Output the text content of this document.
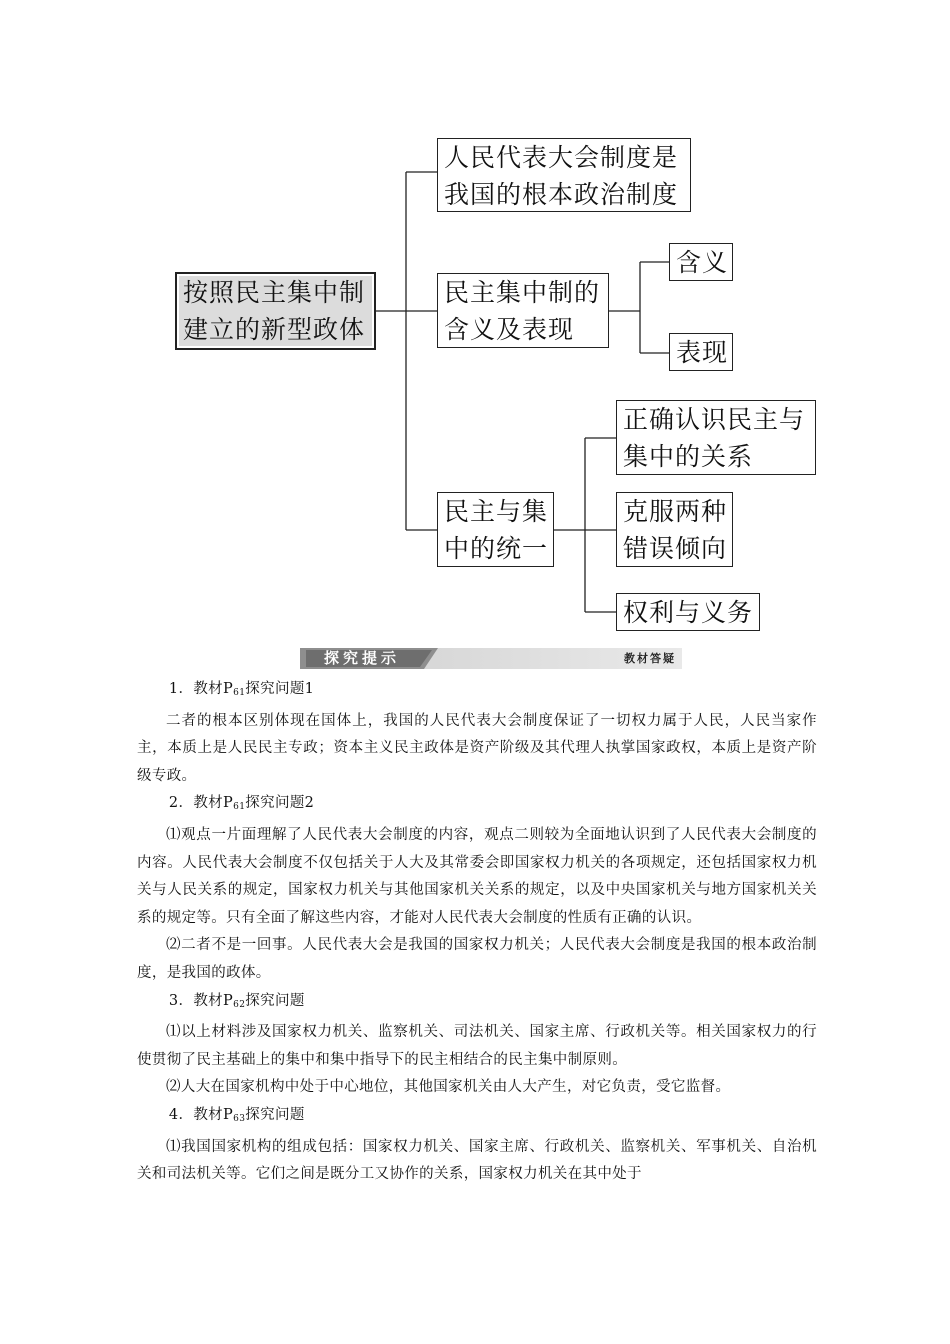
按照民主集中制
建立的新型政体
人民代表大会制度是
我国的根本政治制度
民主集中制的
含义及表现
含义
表现
民主与集
中的统一
正确认识民主与
集中的关系
克服两种
错误倾向
权利与义务
探究提示	教材答疑

1．教材$P_{61}$探究问题1

二者的根本区别体现在国体上，我国的人民代表大会制度保证了一切权力属于人民，人民当家作主，本质上是人民民主专政；资本主义民主政体是资产阶级及其代理人执掌国家政权，本质上是资产阶级专政。

2．教材$P_{61}$探究问题2

⑴观点一片面理解了人民代表大会制度的内容，观点二则较为全面地认识到了人民代表大会制度的内容。人民代表大会制度不仅包括关于人大及其常委会即国家权力机关的各项规定，还包括国家权力机关与人民关系的规定，国家权力机关与其他国家机关关系的规定，以及中央国家机关与地方国家机关关系的规定等。只有全面了解这些内容，才能对人民代表大会制度的性质有正确的认识。

⑵二者不是一回事。人民代表大会是我国的国家权力机关；人民代表大会制度是我国的根本政治制度，是我国的政体。

3．教材$P_{62}$探究问题

⑴以上材料涉及国家权力机关、监察机关、司法机关、国家主席、行政机关等。相关国家权力的行使贯彻了民主基础上的集中和集中指导下的民主相结合的民主集中制原则。

⑵人大在国家机构中处于中心地位，其他国家机关由人大产生，对它负责，受它监督。

4．教材$P_{63}$探究问题

⑴我国国家机构的组成包括：国家权力机关、国家主席、行政机关、监察机关、军事机关、自治机关和司法机关等。它们之间是既分工又协作的关系，国家权力机关在其中处于
